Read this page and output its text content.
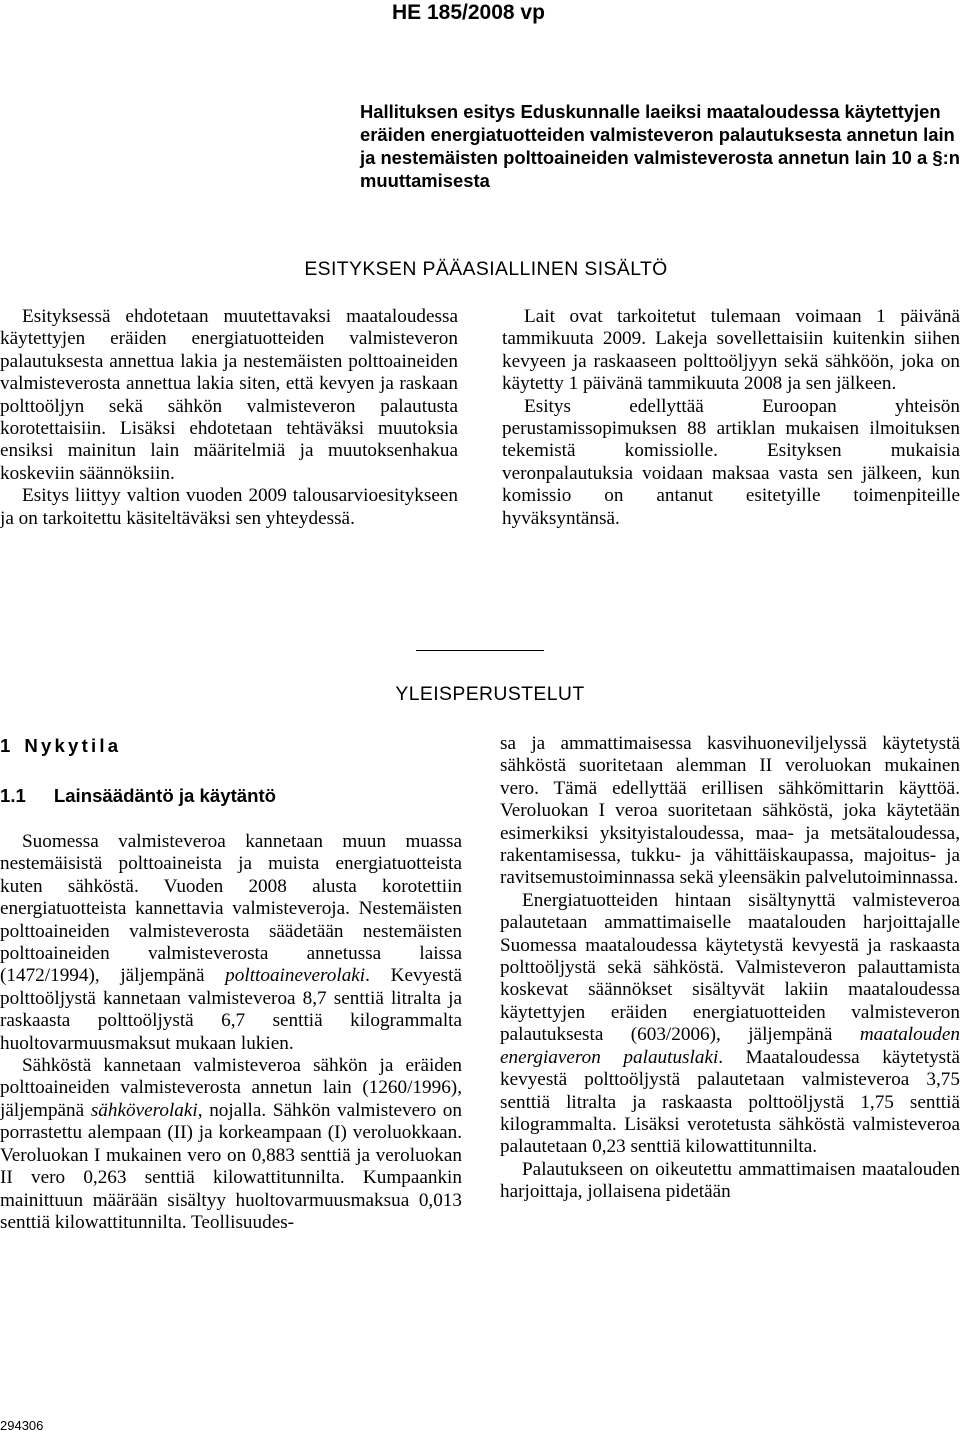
HE 185/2008 vp
Hallituksen esitys Eduskunnalle laeiksi maataloudessa käytettyjen eräiden energiatuotteiden valmisteveron palautuksesta annetun lain ja nestemäisten polttoaineiden valmisteverosta annetun lain 10 a §:n muuttamisesta
ESITYKSEN PÄÄASIALLINEN SISÄLTÖ

Esityksessä ehdotetaan muutettavaksi maataloudessa käytettyjen eräiden energiatuotteiden valmisteveron palautuksesta annettua lakia ja nestemäisten polttoaineiden valmisteverosta annettua lakia siten, että kevyen ja raskaan polttoöljyn sekä sähkön valmisteveron palautusta korotettaisiin. Lisäksi ehdotetaan tehtäväksi muutoksia ensiksi mainitun lain määritelmiä ja muutoksenhakua koskeviin säännöksiin.

Esitys liittyy valtion vuoden 2009 talousarvioesitykseen ja on tarkoitettu käsiteltäväksi sen yhteydessä.

Lait ovat tarkoitetut tulemaan voimaan 1 päivänä tammikuuta 2009. Lakeja sovellettaisiin kuitenkin siihen kevyeen ja raskaaseen polttoöljyyn sekä sähköön, joka on käytetty 1 päivänä tammikuuta 2008 ja sen jälkeen.

Esitys edellyttää Euroopan yhteisön perustamissopimuksen 88 artiklan mukaisen ilmoituksen tekemistä komissiolle. Esityksen mukaisia veronpalautuksia voidaan maksaa vasta sen jälkeen, kun komissio on antanut esitetyille toimenpiteille hyväksyntänsä.

YLEISPERUSTELUT
1 Nykytila
1.1 Lainsäädäntö ja käytäntö

Suomessa valmisteveroa kannetaan muun muassa nestemäisistä polttoaineista ja muista energiatuotteista kuten sähköstä. Vuoden 2008 alusta korotettiin energiatuotteista kannettavia valmisteveroja. Nestemäisten polttoaineiden valmisteverosta säädetään nestemäisten polttoaineiden valmisteverosta annetussa laissa (1472/1994), jäljempänä polttoaineverolaki. Kevyestä polttoöljystä kannetaan valmisteveroa 8,7 senttiä litralta ja raskaasta polttoöljystä 6,7 senttiä kilogrammalta huoltovarmuusmaksut mukaan lukien.

Sähköstä kannetaan valmisteveroa sähkön ja eräiden polttoaineiden valmisteverosta annetun lain (1260/1996), jäljempänä sähköverolaki, nojalla. Sähkön valmistevero on porrastettu alempaan (II) ja korkeampaan (I) veroluokkaan. Veroluokan I mukainen vero on 0,883 senttiä ja veroluokan II vero 0,263 senttiä kilowattitunnilta. Kumpaankin mainittuun määrään sisältyy huoltovarmuusmaksua 0,013 senttiä kilowattitunnilta. Teollisuudes-

sa ja ammattimaisessa kasvihuoneviljelyssä käytetystä sähköstä suoritetaan alemman II veroluokan mukainen vero. Tämä edellyttää erillisen sähkömittarin käyttöä. Veroluokan I veroa suoritetaan sähköstä, joka käytetään esimerkiksi yksityistaloudessa, maa- ja metsätaloudessa, rakentamisessa, tukku- ja vähittäiskaupassa, majoitus- ja ravitsemustoiminnassa sekä yleensäkin palvelutoiminnassa.

Energiatuotteiden hintaan sisältynyttä valmisteveroa palautetaan ammattimaiselle maatalouden harjoittajalle Suomessa maataloudessa käytetystä kevyestä ja raskaasta polttoöljystä sekä sähköstä. Valmisteveron palauttamista koskevat säännökset sisältyvät lakiin maataloudessa käytettyjen eräiden energiatuotteiden valmisteveron palautuksesta (603/2006), jäljempänä maatalouden energiaveron palautuslaki. Maataloudessa käytetystä kevyestä polttoöljystä palautetaan valmisteveroa 3,75 senttiä litralta ja raskaasta polttoöljystä 1,75 senttiä kilogrammalta. Lisäksi verotetusta sähköstä valmisteveroa palautetaan 0,23 senttiä kilowattitunnilta.

Palautukseen on oikeutettu ammattimaisen maatalouden harjoittaja, jollaisena pidetään

294306
